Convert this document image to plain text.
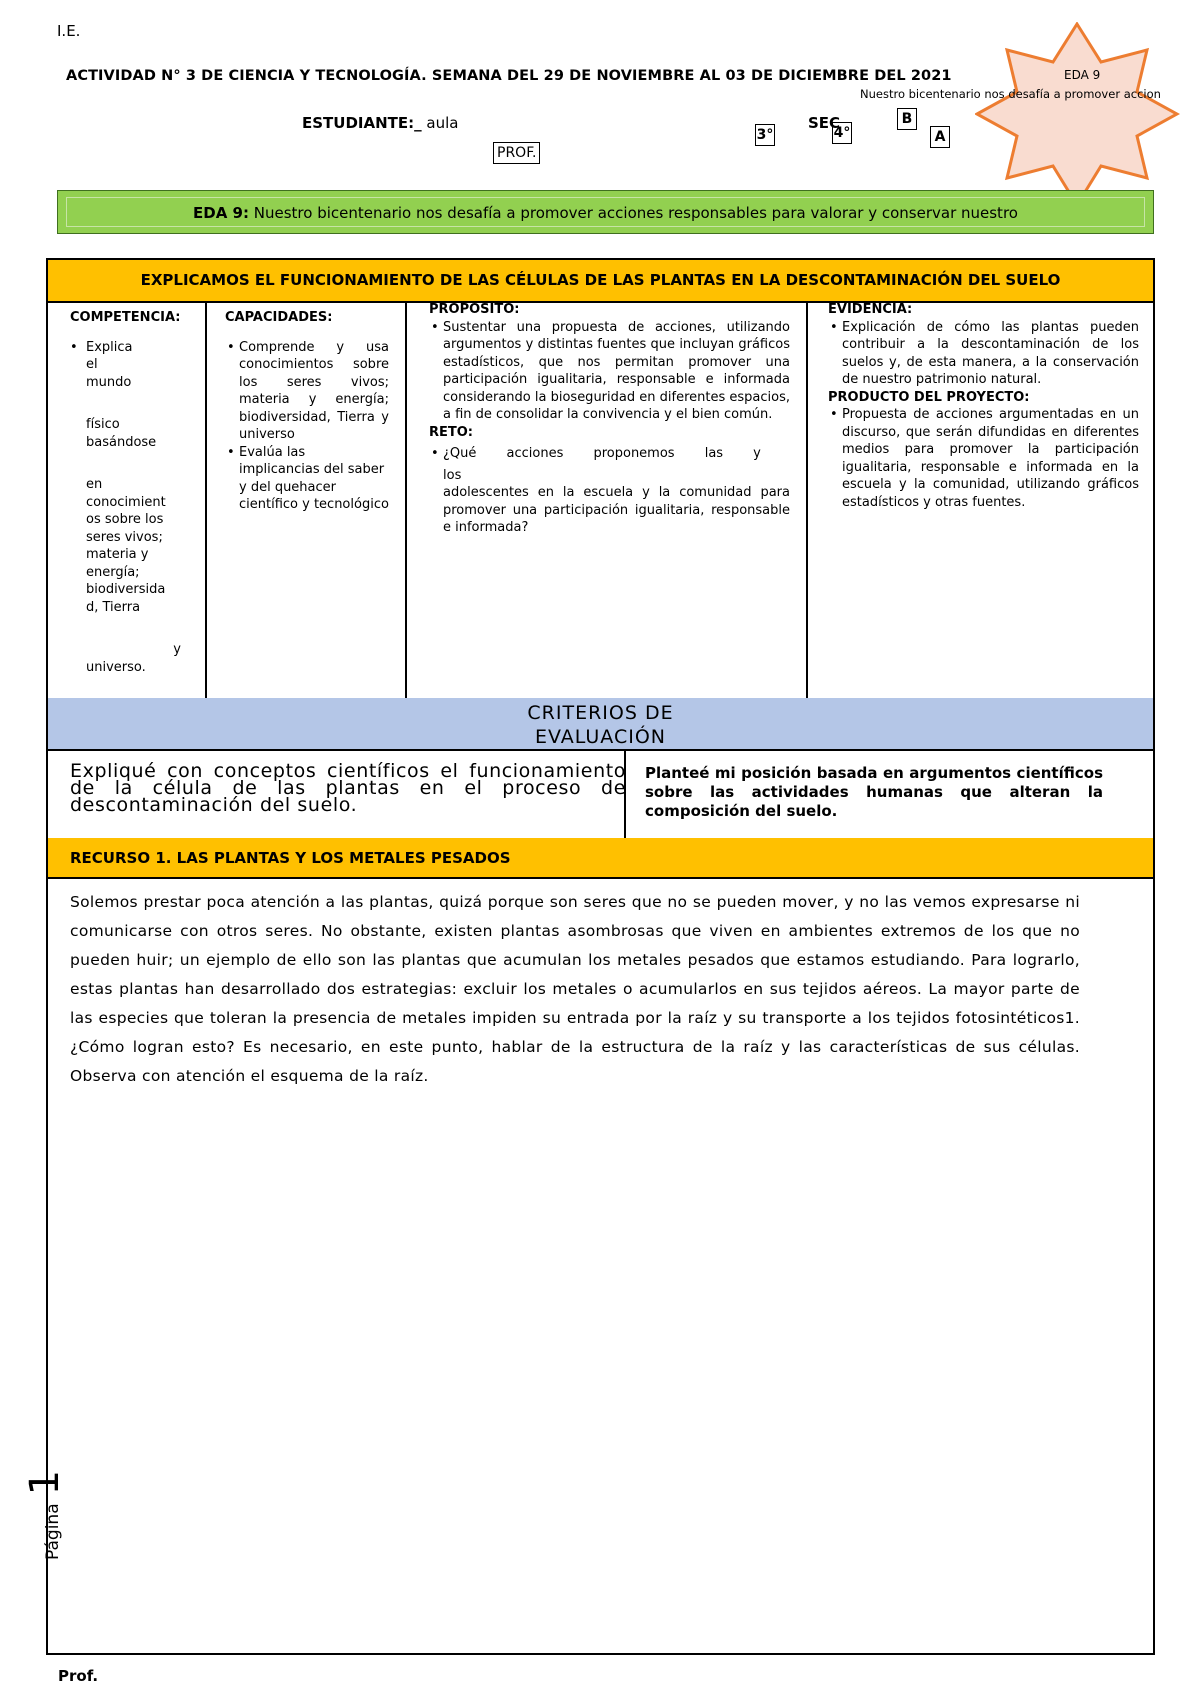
I.E.
ACTIVIDAD N° 3 DE CIENCIA Y TECNOLOGÍA. SEMANA DEL 29 DE NOVIEMBRE AL 03 DE DICIEMBRE DEL 2021	EDA 9
Nuestro bicentenario nos desafía a promover accion
ESTUDIANTE:_ aula
PROF.
3°
SEC
4°
B
A
EDA 9: Nuestro bicentenario nos desafía a promover acciones responsables para valorar y conservar nuestro
EXPLICAMOS EL FUNCIONAMIENTO DE LAS CÉLULAS DE LAS PLANTAS EN LA DESCONTAMINACIÓN DEL SUELO
COMPETENCIA:
• Explica
el
mundo
físico
basándose
en
conocimient
os sobre los
seres vivos;
materia y
energía;
biodiversida
d, Tierra
y
universo.
CAPACIDADES:
• Comprende y usa conocimientos sobre los seres vivos; materia y energía; biodiversidad, Tierra y universo
• Evalúa las implicancias del saber y del quehacer científico y tecnológico
PROPOSITO:
• Sustentar una propuesta de acciones, utilizando argumentos y distintas fuentes que incluyan gráficos estadísticos, que nos permitan promover una participación igualitaria, responsable e informada considerando la bioseguridad en diferentes espacios, a fin de consolidar la convivencia y el bien común.
RETO:
• ¿Qué acciones proponemos las y
los
adolescentes en la escuela y la comunidad para promover una participación igualitaria, responsable e informada?
EVIDENCIA:
• Explicación de cómo las plantas pueden contribuir a la descontaminación de los suelos y, de esta manera, a la conservación de nuestro patrimonio natural.
PRODUCTO DEL PROYECTO:
• Propuesta de acciones argumentadas en un discurso, que serán difundidas en diferentes medios para promover la participación igualitaria, responsable e informada en la escuela y la comunidad, utilizando gráficos estadísticos y otras fuentes.
CRITERIOS DE
EVALUACIÓN
Expliqué con conceptos científicos el funcionamiento de la célula de las plantas en el proceso de descontaminación del suelo.
Planteé mi posición basada en argumentos científicos sobre las actividades humanas que alteran la composición del suelo.
RECURSO 1. LAS PLANTAS Y LOS METALES PESADOS
Solemos prestar poca atención a las plantas, quizá porque son seres que no se pueden mover, y no las vemos expresarse ni comunicarse con otros seres. No obstante, existen plantas asombrosas que viven en ambientes extremos de los que no pueden huir; un ejemplo de ello son las plantas que acumulan los metales pesados que estamos estudiando. Para lograrlo, estas plantas han desarrollado dos estrategias: excluir los metales o acumularlos en sus tejidos aéreos. La mayor parte de las especies que toleran la presencia de metales impiden su entrada por la raíz y su transporte a los tejidos fotosintéticos1. ¿Cómo logran esto? Es necesario, en este punto, hablar de la estructura de la raíz y las características de sus células. Observa con atención el esquema de la raíz.
Página1
Prof.
